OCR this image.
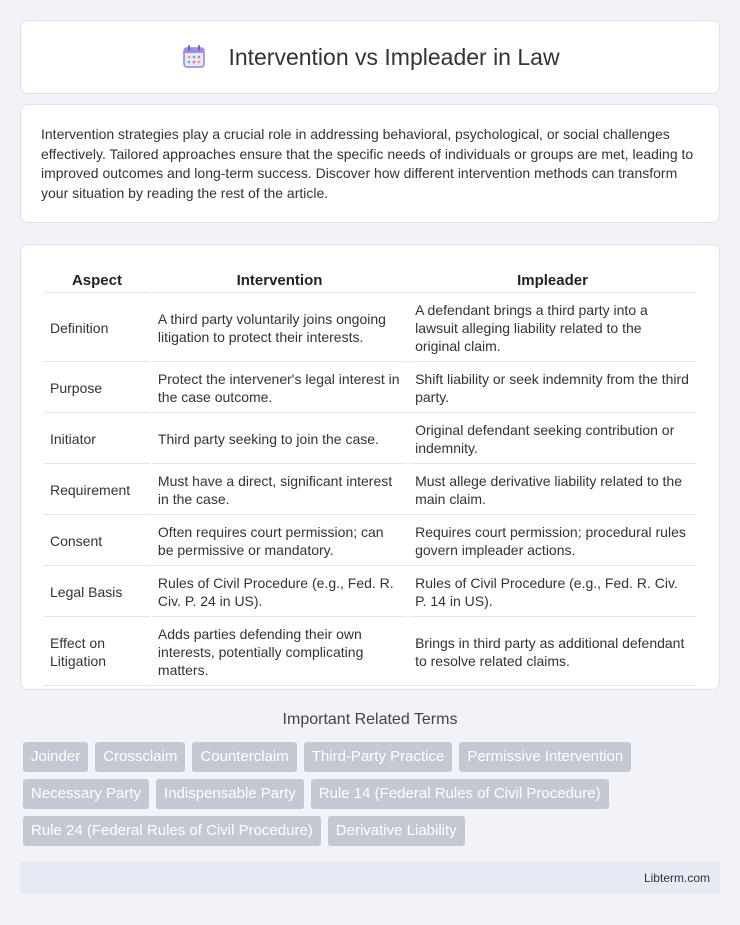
Intervention vs Impleader in Law

Intervention strategies play a crucial role in addressing behavioral, psychological, or social challenges effectively. Tailored approaches ensure that the specific needs of individuals or groups are met, leading to improved outcomes and long-term success. Discover how different intervention methods can transform your situation by reading the rest of the article.

Aspect	Intervention	Impleader
Definition	A third party voluntarily joins ongoing litigation to protect their interests.	A defendant brings a third party into a lawsuit alleging liability related to the original claim.
Purpose	Protect the intervener's legal interest in the case outcome.	Shift liability or seek indemnity from the third party.
Initiator	Third party seeking to join the case.	Original defendant seeking contribution or indemnity.
Requirement	Must have a direct, significant interest in the case.	Must allege derivative liability related to the main claim.
Consent	Often requires court permission; can be permissive or mandatory.	Requires court permission; procedural rules govern impleader actions.
Legal Basis	Rules of Civil Procedure (e.g., Fed. R. Civ. P. 24 in US).	Rules of Civil Procedure (e.g., Fed. R. Civ. P. 14 in US).
Effect on Litigation	Adds parties defending their own interests, potentially complicating matters.	Brings in third party as additional defendant to resolve related claims.
Important Related Terms
Joinder	Crossclaim	Counterclaim	Third-Party Practice	Permissive Intervention
Necessary Party	Indispensable Party	Rule 14 (Federal Rules of Civil Procedure)
Rule 24 (Federal Rules of Civil Procedure)	Derivative Liability
Libterm.com
